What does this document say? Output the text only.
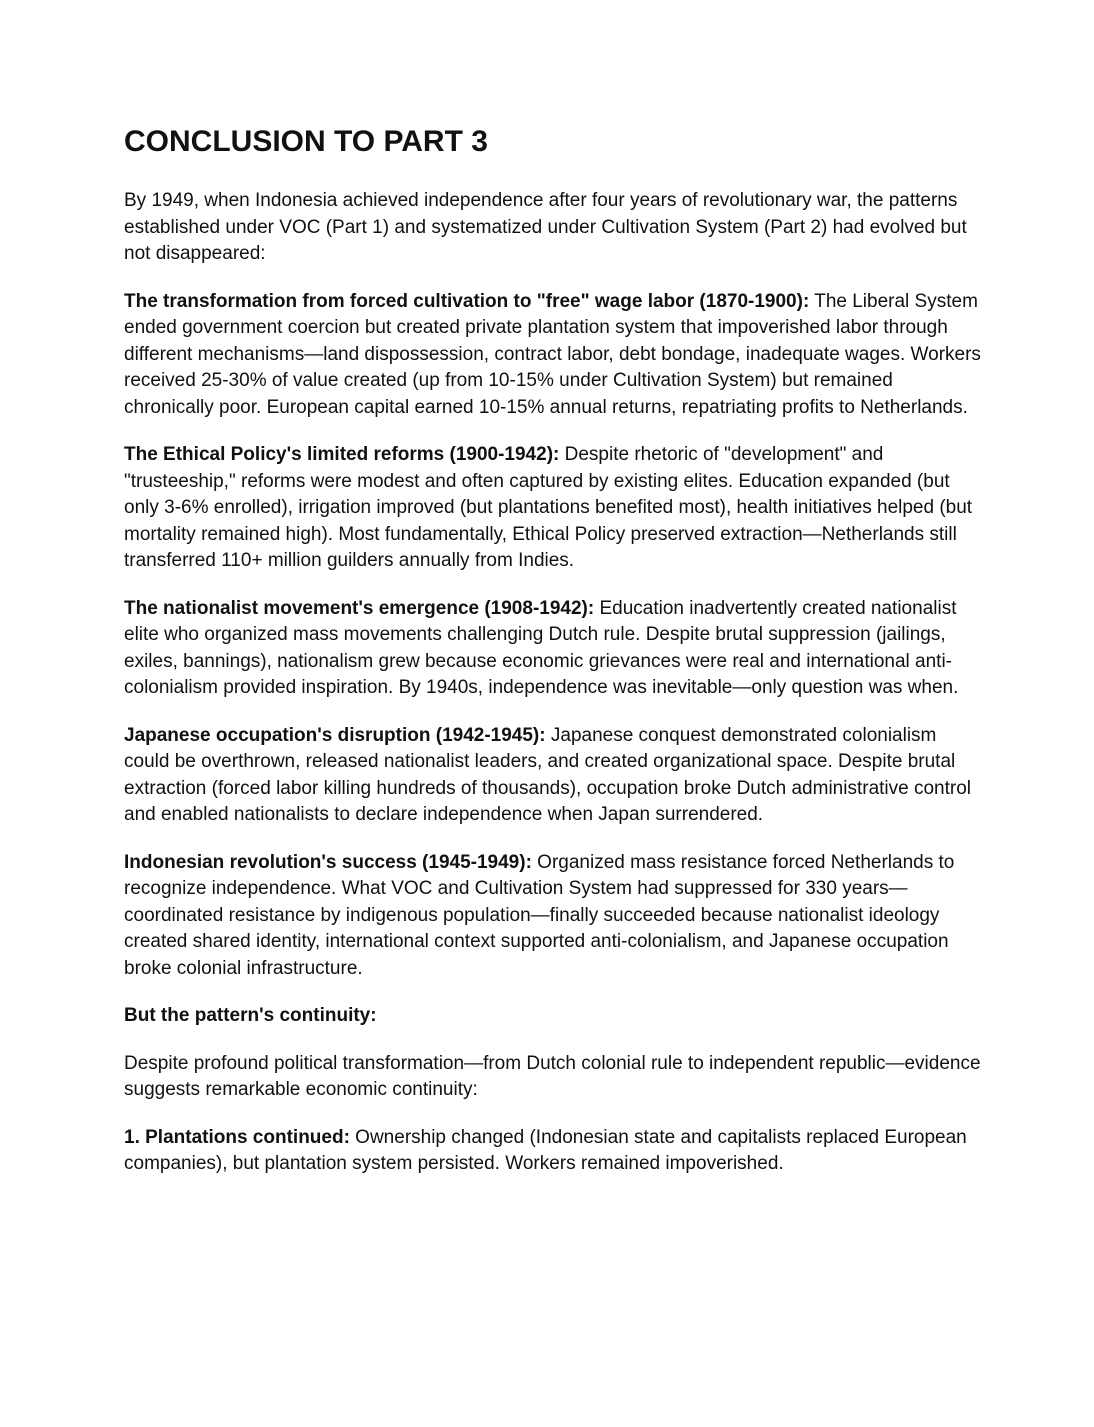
CONCLUSION TO PART 3

By 1949, when Indonesia achieved independence after four years of revolutionary war, the patterns established under VOC (Part 1) and systematized under Cultivation System (Part 2) had evolved but not disappeared:

The transformation from forced cultivation to "free" wage labor (1870-1900): The Liberal System ended government coercion but created private plantation system that impoverished labor through different mechanisms—land dispossession, contract labor, debt bondage, inadequate wages. Workers received 25-30% of value created (up from 10-15% under Cultivation System) but remained chronically poor. European capital earned 10-15% annual returns, repatriating profits to Netherlands.

The Ethical Policy's limited reforms (1900-1942): Despite rhetoric of "development" and "trusteeship," reforms were modest and often captured by existing elites. Education expanded (but only 3-6% enrolled), irrigation improved (but plantations benefited most), health initiatives helped (but mortality remained high). Most fundamentally, Ethical Policy preserved extraction—Netherlands still transferred 110+ million guilders annually from Indies.

The nationalist movement's emergence (1908-1942): Education inadvertently created nationalist elite who organized mass movements challenging Dutch rule. Despite brutal suppression (jailings, exiles, bannings), nationalism grew because economic grievances were real and international anti-colonialism provided inspiration. By 1940s, independence was inevitable—only question was when.

Japanese occupation's disruption (1942-1945): Japanese conquest demonstrated colonialism could be overthrown, released nationalist leaders, and created organizational space. Despite brutal extraction (forced labor killing hundreds of thousands), occupation broke Dutch administrative control and enabled nationalists to declare independence when Japan surrendered.

Indonesian revolution's success (1945-1949): Organized mass resistance forced Netherlands to recognize independence. What VOC and Cultivation System had suppressed for 330 years—coordinated resistance by indigenous population—finally succeeded because nationalist ideology created shared identity, international context supported anti-colonialism, and Japanese occupation broke colonial infrastructure.

But the pattern's continuity:

Despite profound political transformation—from Dutch colonial rule to independent republic—evidence suggests remarkable economic continuity:

1. Plantations continued: Ownership changed (Indonesian state and capitalists replaced European companies), but plantation system persisted. Workers remained impoverished.
